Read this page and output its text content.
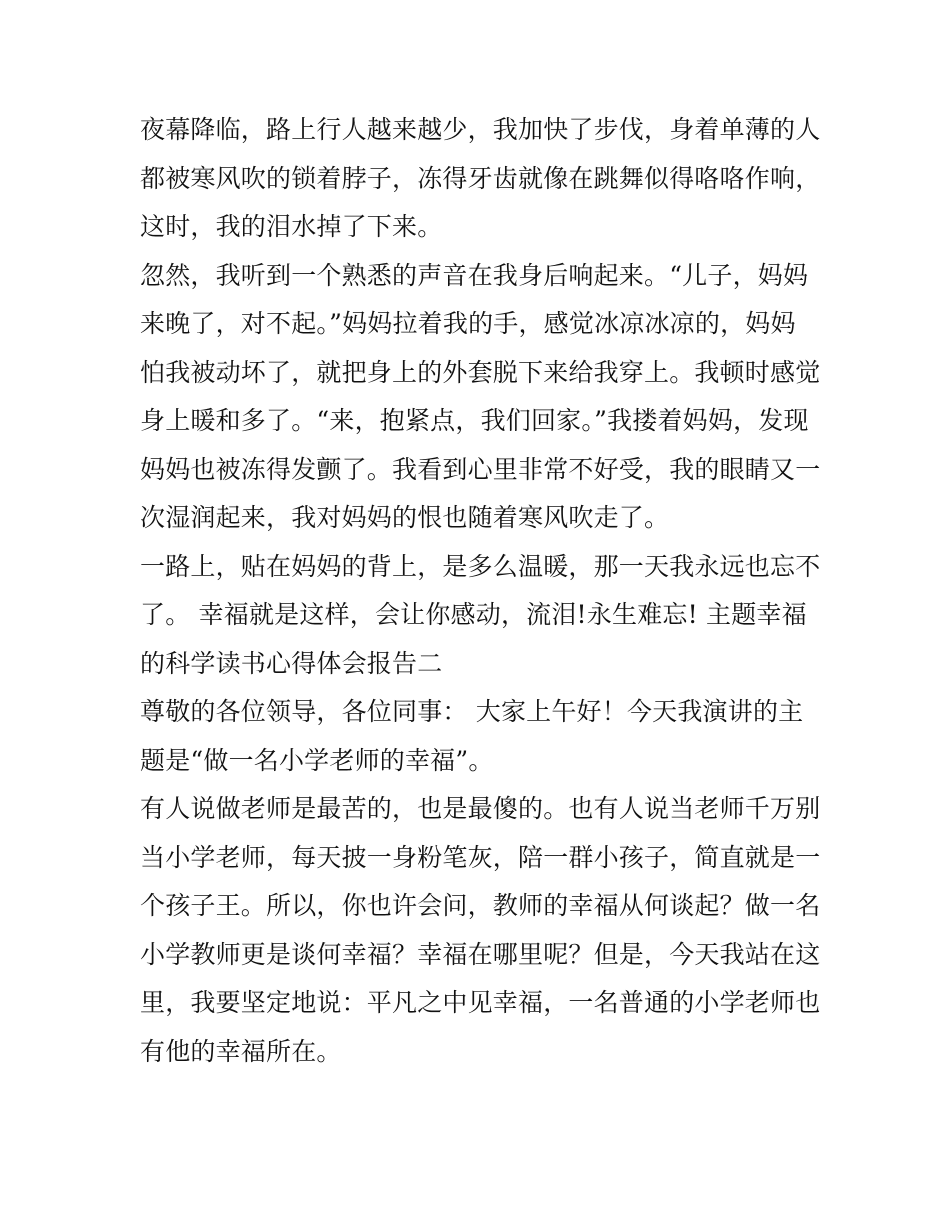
夜幕降临，路上行人越来越少，我加快了步伐，身着单薄的人
都被寒风吹的锁着脖子，冻得牙齿就像在跳舞似得咯咯作响，
这时，我的泪水掉了下来。
忽然，我听到一个熟悉的声音在我身后响起来。“儿子，妈妈
来晚了，对不起。”妈妈拉着我的手，感觉冰凉冰凉的，妈妈
怕我被动坏了，就把身上的外套脱下来给我穿上。我顿时感觉
身上暖和多了。“来，抱紧点，我们回家。”我搂着妈妈，发现
妈妈也被冻得发颤了。我看到心里非常不好受，我的眼睛又一
次湿润起来，我对妈妈的恨也随着寒风吹走了。
一路上，贴在妈妈的背上，是多么温暖，那一天我永远也忘不
了。 幸福就是这样，会让你感动，流泪!永生难忘! 主题幸福
的科学读书心得体会报告二
尊敬的各位领导，各位同事： 大家上午好！今天我演讲的主
题是“做一名小学老师的幸福”。
有人说做老师是最苦的，也是最傻的。也有人说当老师千万别
当小学老师，每天披一身粉笔灰，陪一群小孩子，简直就是一
个孩子王。所以，你也许会问，教师的幸福从何谈起？做一名
小学教师更是谈何幸福？幸福在哪里呢？但是，今天我站在这
里，我要坚定地说：平凡之中见幸福，一名普通的小学老师也
有他的幸福所在。
